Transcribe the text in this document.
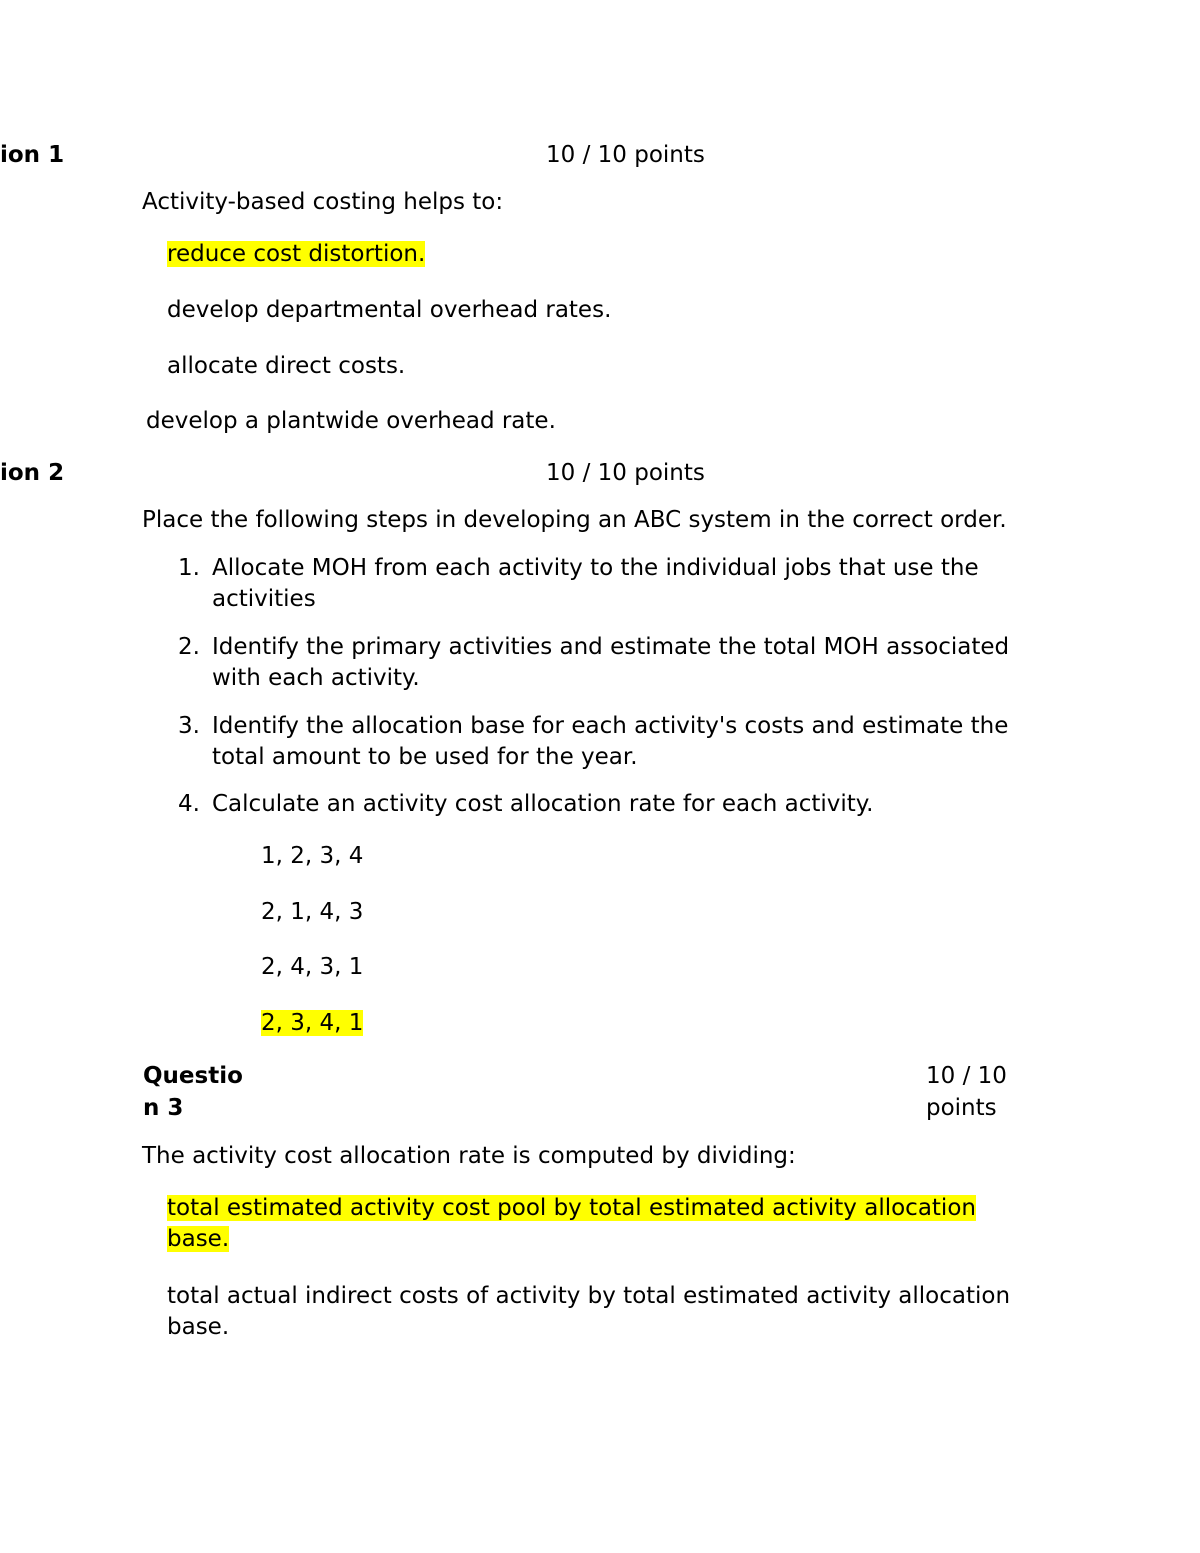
ion 1	10 / 10 points
Activity-based costing helps to:
reduce cost distortion.
develop departmental overhead rates.
allocate direct costs.
develop a plantwide overhead rate.
ion 2	10 / 10 points
Place the following steps in developing an ABC system in the correct order.
1. Allocate MOH from each activity to the individual jobs that use the activities
2. Identify the primary activities and estimate the total MOH associated with each activity.
3. Identify the allocation base for each activity's costs and estimate the total amount to be used for the year.
4. Calculate an activity cost allocation rate for each activity.
1, 2, 3, 4
2, 1, 4, 3
2, 4, 3, 1
2, 3, 4, 1
Questio
n 3
10 / 10
points
The activity cost allocation rate is computed by dividing:
total estimated activity cost pool by total estimated activity allocation base.
total actual indirect costs of activity by total estimated activity allocation base.
